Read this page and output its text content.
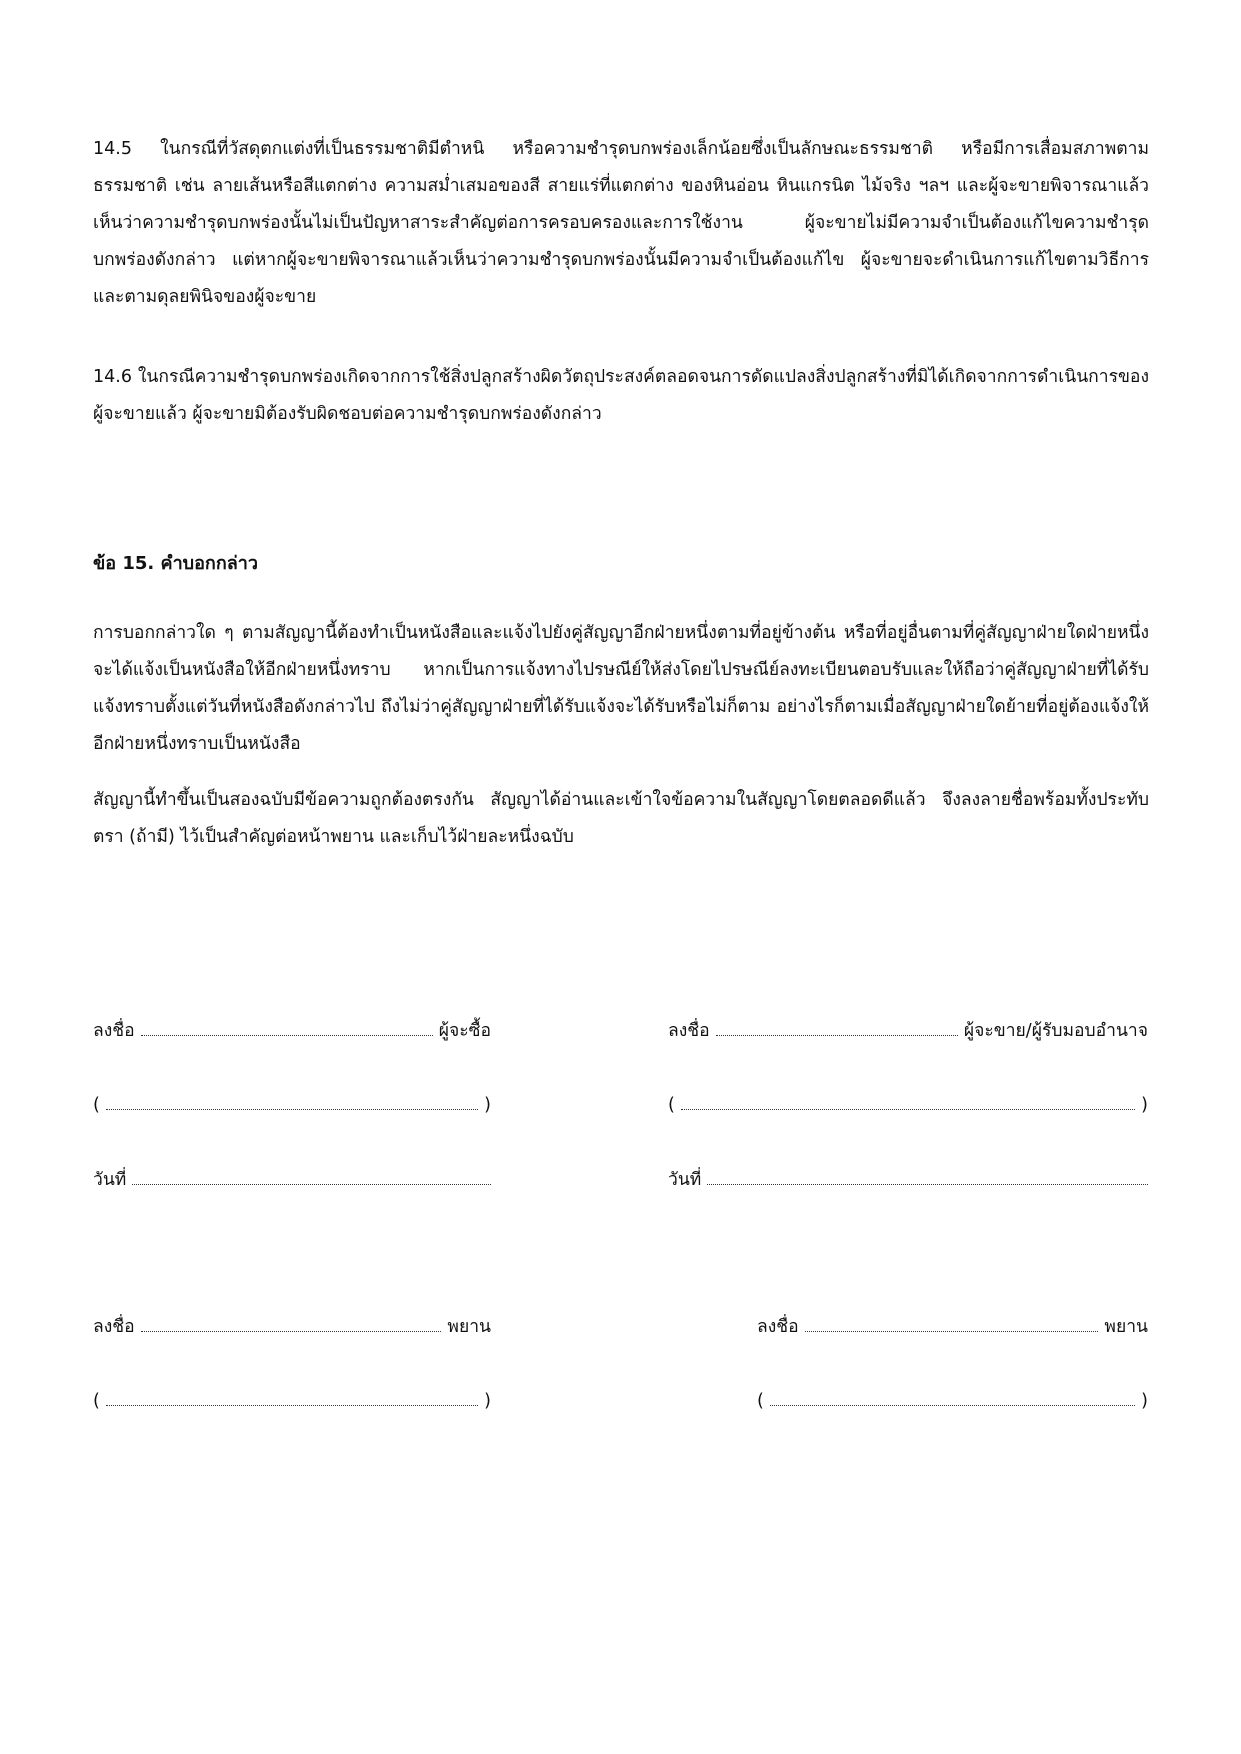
14.5 ในกรณีที่วัสดุตกแต่งที่เป็นธรรมชาติมีตำหนิ หรือความชำรุดบกพร่องเล็กน้อยซึ่งเป็นลักษณะธรรมชาติ หรือมีการเสื่อมสภาพตามธรรมชาติ เช่น ลายเส้นหรือสีแตกต่าง ความสม่ำเสมอของสี สายแร่ที่แตกต่าง ของหินอ่อน หินแกรนิต ไม้จริง ฯลฯ และผู้จะขายพิจารณาแล้วเห็นว่าความชำรุดบกพร่องนั้นไม่เป็นปัญหาสาระสำคัญต่อการครอบครองและการใช้งาน ผู้จะขายไม่มีความจำเป็นต้องแก้ไขความชำรุดบกพร่องดังกล่าว แต่หากผู้จะขายพิจารณาแล้วเห็นว่าความชำรุดบกพร่องนั้นมีความจำเป็นต้องแก้ไข ผู้จะขายจะดำเนินการแก้ไขตามวิธีการและตามดุลยพินิจของผู้จะขาย

14.6 ในกรณีความชำรุดบกพร่องเกิดจากการใช้สิ่งปลูกสร้างผิดวัตถุประสงค์ตลอดจนการดัดแปลงสิ่งปลูกสร้างที่มิได้เกิดจากการดำเนินการของผู้จะขายแล้ว ผู้จะขายมิต้องรับผิดชอบต่อความชำรุดบกพร่องดังกล่าว

ข้อ 15. คำบอกกล่าว

การบอกกล่าวใด ๆ ตามสัญญานี้ต้องทำเป็นหนังสือและแจ้งไปยังคู่สัญญาอีกฝ่ายหนึ่งตามที่อยู่ข้างต้น หรือที่อยู่อื่นตามที่คู่สัญญาฝ่ายใดฝ่ายหนึ่งจะได้แจ้งเป็นหนังสือให้อีกฝ่ายหนึ่งทราบ หากเป็นการแจ้งทางไปรษณีย์ให้ส่งโดยไปรษณีย์ลงทะเบียนตอบรับและให้ถือว่าคู่สัญญาฝ่ายที่ได้รับแจ้งทราบตั้งแต่วันที่หนังสือดังกล่าวไป ถึงไม่ว่าคู่สัญญาฝ่ายที่ได้รับแจ้งจะได้รับหรือไม่ก็ตาม อย่างไรก็ตามเมื่อสัญญาฝ่ายใดย้ายที่อยู่ต้องแจ้งให้อีกฝ่ายหนึ่งทราบเป็นหนังสือ

สัญญานี้ทำขึ้นเป็นสองฉบับมีข้อความถูกต้องตรงกัน สัญญาได้อ่านและเข้าใจข้อความในสัญญาโดยตลอดดีแล้ว จึงลงลายชื่อพร้อมทั้งประทับตรา (ถ้ามี) ไว้เป็นสำคัญต่อหน้าพยาน และเก็บไว้ฝ่ายละหนึ่งฉบับ

ลงชื่อ	ผู้จะซื้อ
(	)
วันที่
ลงชื่อ	ผู้จะขาย/ผู้รับมอบอำนาจ
(	)
วันที่
ลงชื่อ	พยาน
(	)
ลงชื่อ	พยาน
(	)
